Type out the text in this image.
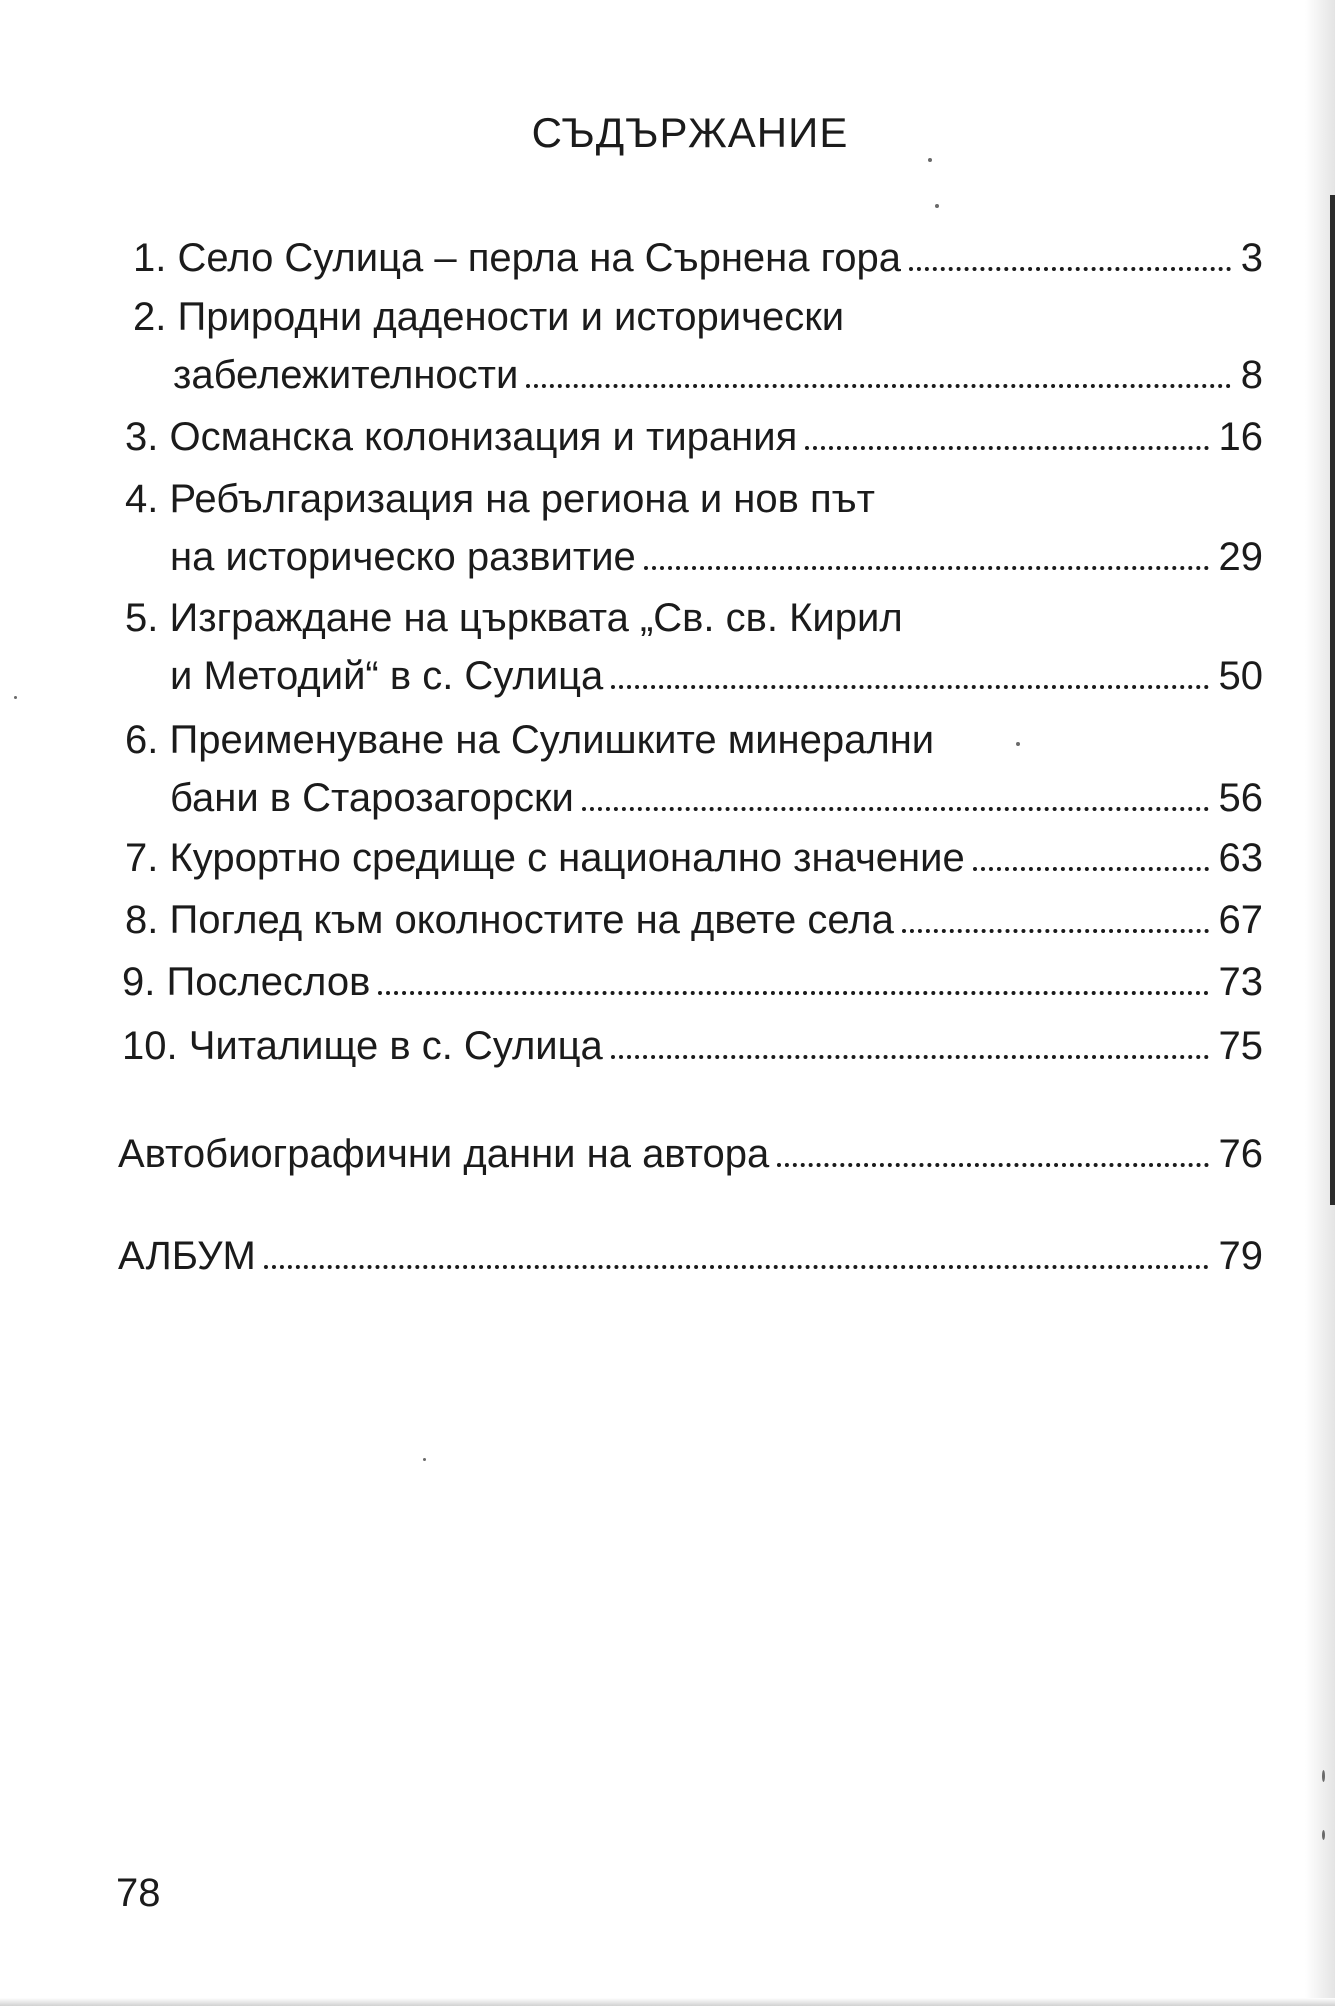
СЪДЪРЖАНИЕ
1. Село Сулица – перла на Сърнена гора	3
2. Природни дадености и исторически
забележителности	8
3. Османска колонизация и тирания	16
4. Ребългаризация на региона и нов път
на историческо развитие	29
5. Изграждане на църквата „Св. св. Кирил
и Методий“ в с. Сулица	50
6. Преименуване на Сулишките минерални
бани в Старозагорски	56
7. Курортно средище с национално значение	63
8. Поглед към околностите на двете села	67
9. Послеслов	73
10. Читалище в с. Сулица	75
Автобиографични данни на автора	76
АЛБУМ	79
78
